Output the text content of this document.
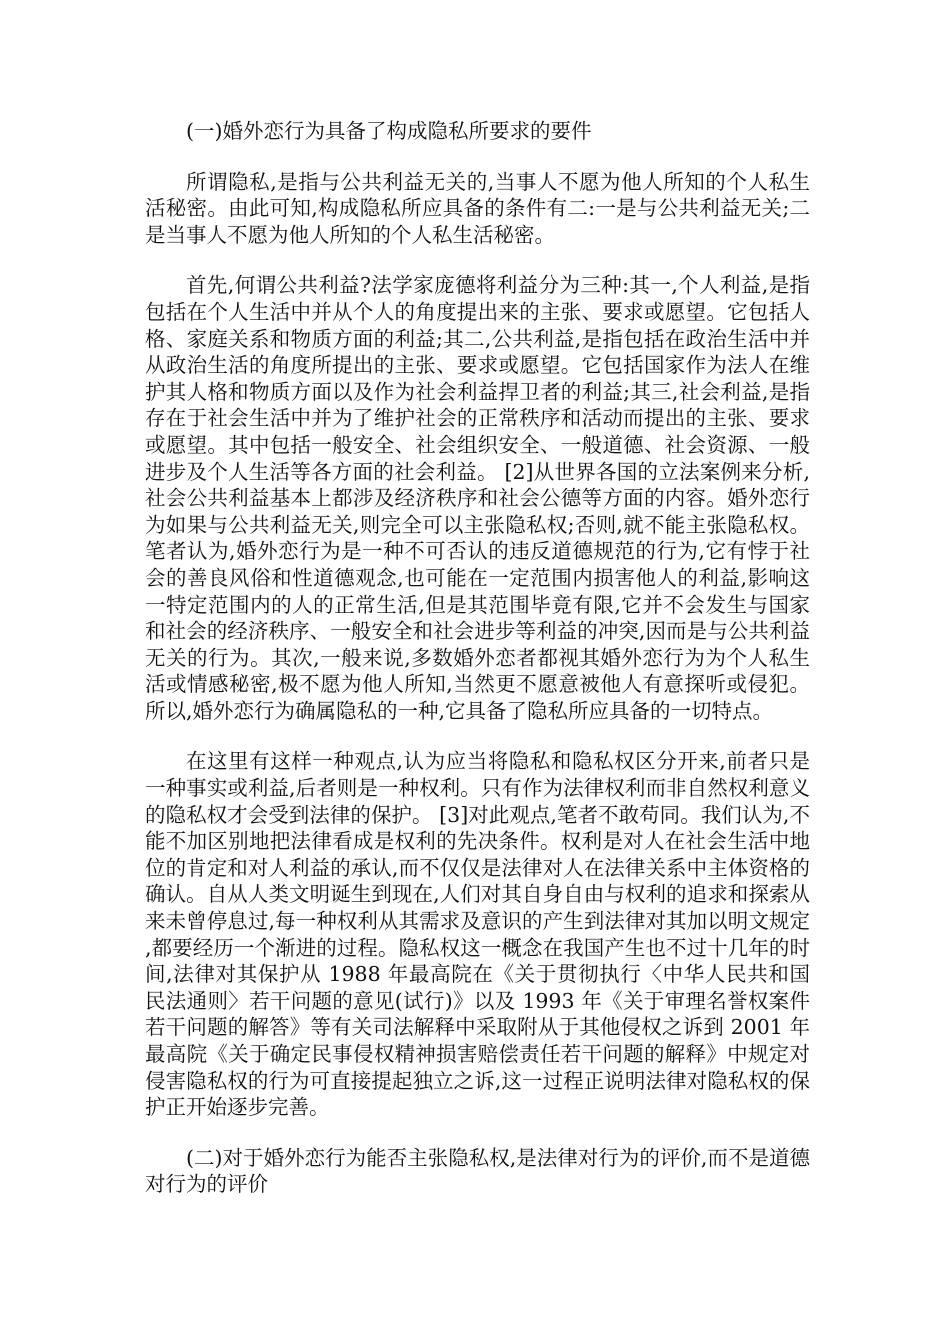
(一)婚外恋行为具备了构成隐私所要求的要件

所谓隐私,是指与公共利益无关的,当事人不愿为他人所知的个人私生活秘密。由此可知,构成隐私所应具备的条件有二:一是与公共利益无关;二是当事人不愿为他人所知的个人私生活秘密。

首先,何谓公共利益?法学家庞德将利益分为三种:其一,个人利益,是指包括在个人生活中并从个人的角度提出来的主张、要求或愿望。它包括人格、家庭关系和物质方面的利益;其二,公共利益,是指包括在政治生活中并从政治生活的角度所提出的主张、要求或愿望。它包括国家作为法人在维护其人格和物质方面以及作为社会利益捍卫者的利益;其三,社会利益,是指存在于社会生活中并为了维护社会的正常秩序和活动而提出的主张、要求或愿望。其中包括一般安全、社会组织安全、一般道德、社会资源、一般进步及个人生活等各方面的社会利益。 [2]从世界各国的立法案例来分析,社会公共利益基本上都涉及经济秩序和社会公德等方面的内容。婚外恋行为如果与公共利益无关,则完全可以主张隐私权;否则,就不能主张隐私权。笔者认为,婚外恋行为是一种不可否认的违反道德规范的行为,它有悖于社会的善良风俗和性道德观念,也可能在一定范围内损害他人的利益,影响这一特定范围内的人的正常生活,但是其范围毕竟有限,它并不会发生与国家和社会的经济秩序、一般安全和社会进步等利益的冲突,因而是与公共利益无关的行为。其次,一般来说,多数婚外恋者都视其婚外恋行为为个人私生活或情感秘密,极不愿为他人所知,当然更不愿意被他人有意探听或侵犯。所以,婚外恋行为确属隐私的一种,它具备了隐私所应具备的一切特点。

在这里有这样一种观点,认为应当将隐私和隐私权区分开来,前者只是一种事实或利益,后者则是一种权利。只有作为法律权利而非自然权利意义的隐私权才会受到法律的保护。 [3]对此观点,笔者不敢苟同。我们认为,不能不加区别地把法律看成是权利的先决条件。权利是对人在社会生活中地位的肯定和对人利益的承认,而不仅仅是法律对人在法律关系中主体资格的确认。自从人类文明诞生到现在,人们对其自身自由与权利的追求和探索从来未曾停息过,每一种权利从其需求及意识的产生到法律对其加以明文规定,都要经历一个渐进的过程。隐私权这一概念在我国产生也不过十几年的时间,法律对其保护从 1988 年最高院在《关于贯彻执行〈中华人民共和国民法通则〉若干问题的意见(试行)》以及 1993 年《关于审理名誉权案件若干问题的解答》等有关司法解释中采取附从于其他侵权之诉到 2001 年最高院《关于确定民事侵权精神损害赔偿责任若干问题的解释》中规定对侵害隐私权的行为可直接提起独立之诉,这一过程正说明法律对隐私权的保护正开始逐步完善。

(二)对于婚外恋行为能否主张隐私权,是法律对行为的评价,而不是道德对行为的评价
